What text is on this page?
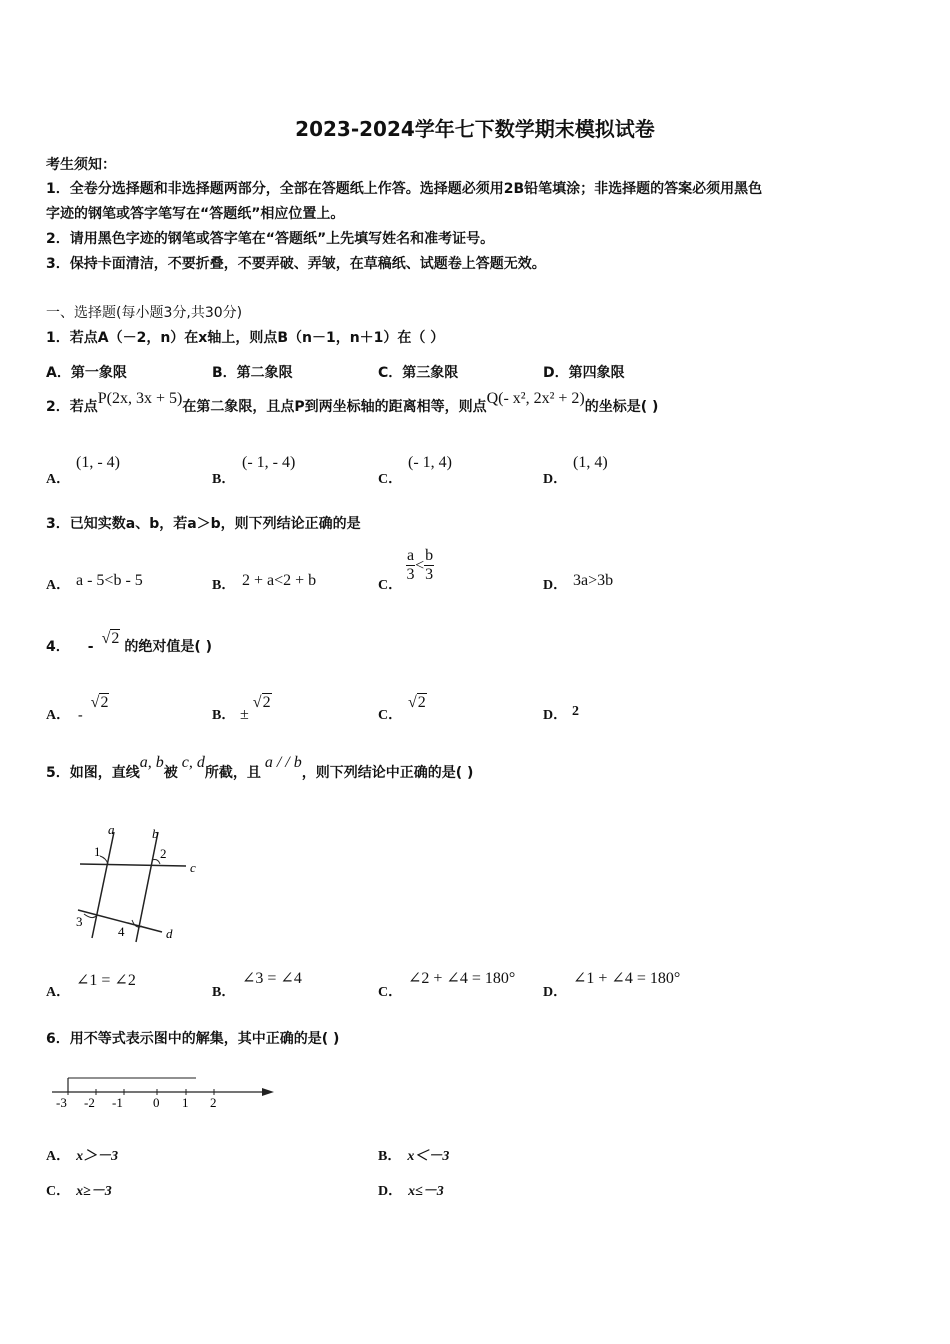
2023-2024学年七下数学期末模拟试卷
考生须知：
1．全卷分选择题和非选择题两部分，全部在答题纸上作答。选择题必须用2B铅笔填涂；非选择题的答案必须用黑色
字迹的钢笔或答字笔写在“答题纸”相应位置上。
2．请用黑色字迹的钢笔或答字笔在“答题纸”上先填写姓名和准考证号。
3．保持卡面清洁，不要折叠，不要弄破、弄皱，在草稿纸、试题卷上答题无效。
一、选择题(每小题3分,共30分)
1．若点A（－2，n）在x轴上，则点B（n－1，n＋1）在（ ）
A．第一象限	B．第二象限	C．第三象限	D．第四象限
2．若点P(2x, 3x + 5)在第二象限，且点P到两坐标轴的距离相等，则点Q(- x², 2x² + 2)的坐标是( )
A．
(1, - 4)
B．
(- 1, - 4)
C．
(- 1, 4)
D．
(1, 4)
3．已知实数a、b，若a＞b，则下列结论正确的是
A． a - 5<b - 5	B． 2 + a<2 + b	C．
$\frac{a}{3} < \frac{b}{3}$
D． 3a>3b
4． - √2 的绝对值是( )
A． -√2
B． ±√2
C．
√2
D． 2
5．如图，直线a, b被c, d所截，且a / / b，则下列结论中正确的是( )
a	b
c
d
1	2
3
4
A．
∠1 = ∠2
B．
∠3 = ∠4
C．
∠2 + ∠4 = 180°
D．
∠1 + ∠4 = 180°
6．用不等式表示图中的解集，其中正确的是( )
-3 -2 -1 0 1 2
A． x＞－3	B． x＜－3
C． x≥－3	D． x≤－3
